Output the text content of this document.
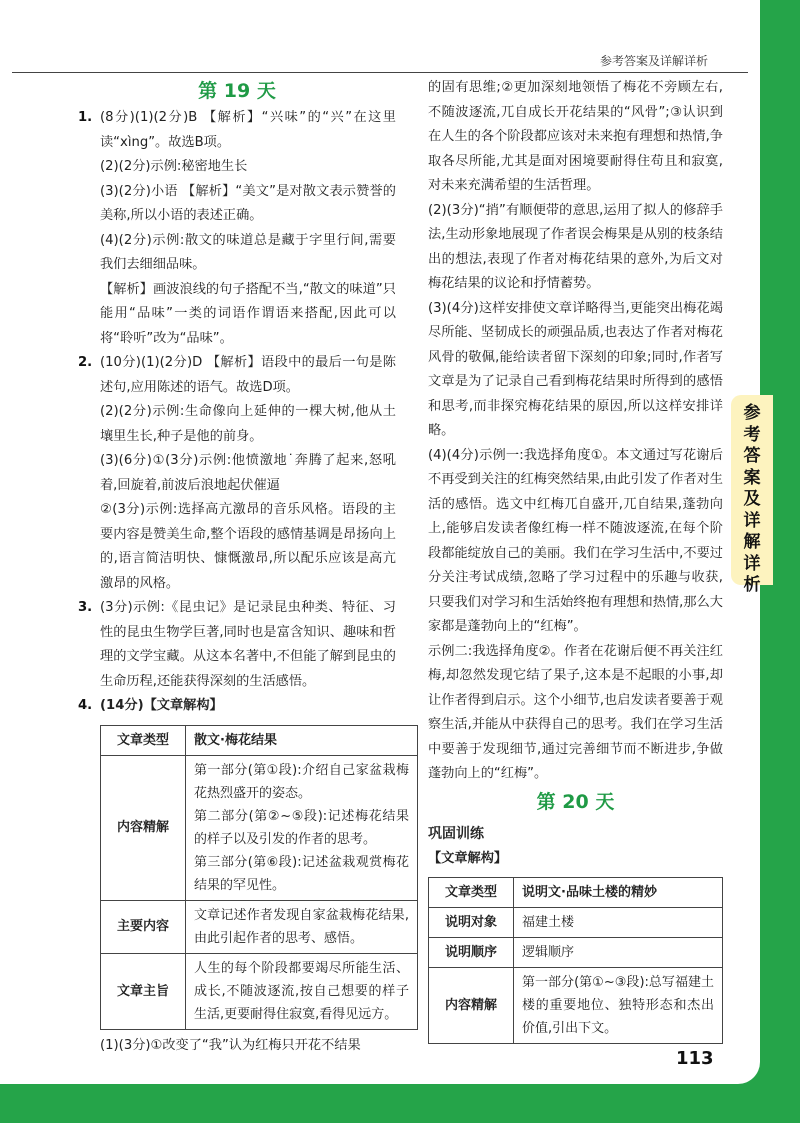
参考答案及详解详析
第 19 天
1. (8分)(1)(2分)B 【解析】“兴味”的“兴”在这里读“xìng”。故选B项。

(2)(2分)示例:秘密地生长

(3)(2分)小语 【解析】“美文”是对散文表示赞誉的美称,所以小语的表述正确。

(4)(2分)示例:散文的味道总是藏于字里行间,需要我们去细细品味。

【解析】画波浪线的句子搭配不当,“散文的味道”只能用“品味”一类的词语作谓语来搭配,因此可以将“聆听”改为“品味”。

2. (10分)(1)(2分)D 【解析】语段中的最后一句是陈述句,应用陈述的语气。故选D项。

(2)(2分)示例:生命像向上延伸的一棵大树,他从土壤里生长,种子是他的前身。

(3)(6分)①(3分)示例:他愤激地˙奔腾了起来,怒吼着,回旋着,前波后浪地起伏催逼

②(3分)示例:选择高亢激昂的音乐风格。语段的主要内容是赞美生命,整个语段的感情基调是昂扬向上的,语言简洁明快、慷慨激昂,所以配乐应该是高亢激昂的风格。

3. (3分)示例:《昆虫记》是记录昆虫种类、特征、习性的昆虫生物学巨著,同时也是富含知识、趣味和哲理的文学宝藏。从这本名著中,不但能了解到昆虫的生命历程,还能获得深刻的生活感悟。

4. (14分)【文章解构】

文章类型	散文·梅花结果
内容精解	第一部分(第①段):介绍自己家盆栽梅花热烈盛开的姿态。

第二部分(第②~⑤段):记述梅花结果的样子以及引发的作者的思考。

第三部分(第⑥段):记述盆栽观赏梅花结果的罕见性。

主要内容	文章记述作者发现自家盆栽梅花结果,由此引起作者的思考、感悟。
文章主旨	人生的每个阶段都要竭尽所能生活、成长,不随波逐流,按自己想要的样子生活,更要耐得住寂寞,看得见远方。

(1)(3分)①改变了“我”认为红梅只开花不结果

的固有思维;②更加深刻地领悟了梅花不旁顾左右,不随波逐流,兀自成长开花结果的“风骨”;③认识到在人生的各个阶段都应该对未来抱有理想和热情,争取各尽所能,尤其是面对困境要耐得住苟且和寂寞,对未来充满希望的生活哲理。

(2)(3分)“捎”有顺便带的意思,运用了拟人的修辞手法,生动形象地展现了作者误会梅果是从别的枝条结出的想法,表现了作者对梅花结果的意外,为后文对梅花结果的议论和抒情蓄势。

(3)(4分)这样安排使文章详略得当,更能突出梅花竭尽所能、坚韧成长的顽强品质,也表达了作者对梅花风骨的敬佩,能给读者留下深刻的印象;同时,作者写文章是为了记录自己看到梅花结果时所得到的感悟和思考,而非探究梅花结果的原因,所以这样安排详略。

(4)(4分)示例一:我选择角度①。本文通过写花谢后不再受到关注的红梅突然结果,由此引发了作者对生活的感悟。选文中红梅兀自盛开,兀自结果,蓬勃向上,能够启发读者像红梅一样不随波逐流,在每个阶段都能绽放自己的美丽。我们在学习生活中,不要过分关注考试成绩,忽略了学习过程中的乐趣与收获,只要我们对学习和生活始终抱有理想和热情,那么大家都是蓬勃向上的“红梅”。

示例二:我选择角度②。作者在花谢后便不再关注红梅,却忽然发现它结了果子,这本是不起眼的小事,却让作者得到启示。这个小细节,也启发读者要善于观察生活,并能从中获得自己的思考。我们在学习生活中要善于发现细节,通过完善细节而不断进步,争做蓬勃向上的“红梅”。

第 20 天

巩固训练

【文章解构】

文章类型	说明文·品味土楼的精妙
说明对象	福建土楼
说明顺序	逻辑顺序
内容精解	第一部分(第①~③段):总写福建土楼的重要地位、独特形态和杰出价值,引出下文。
113
参考答案及详解详析
